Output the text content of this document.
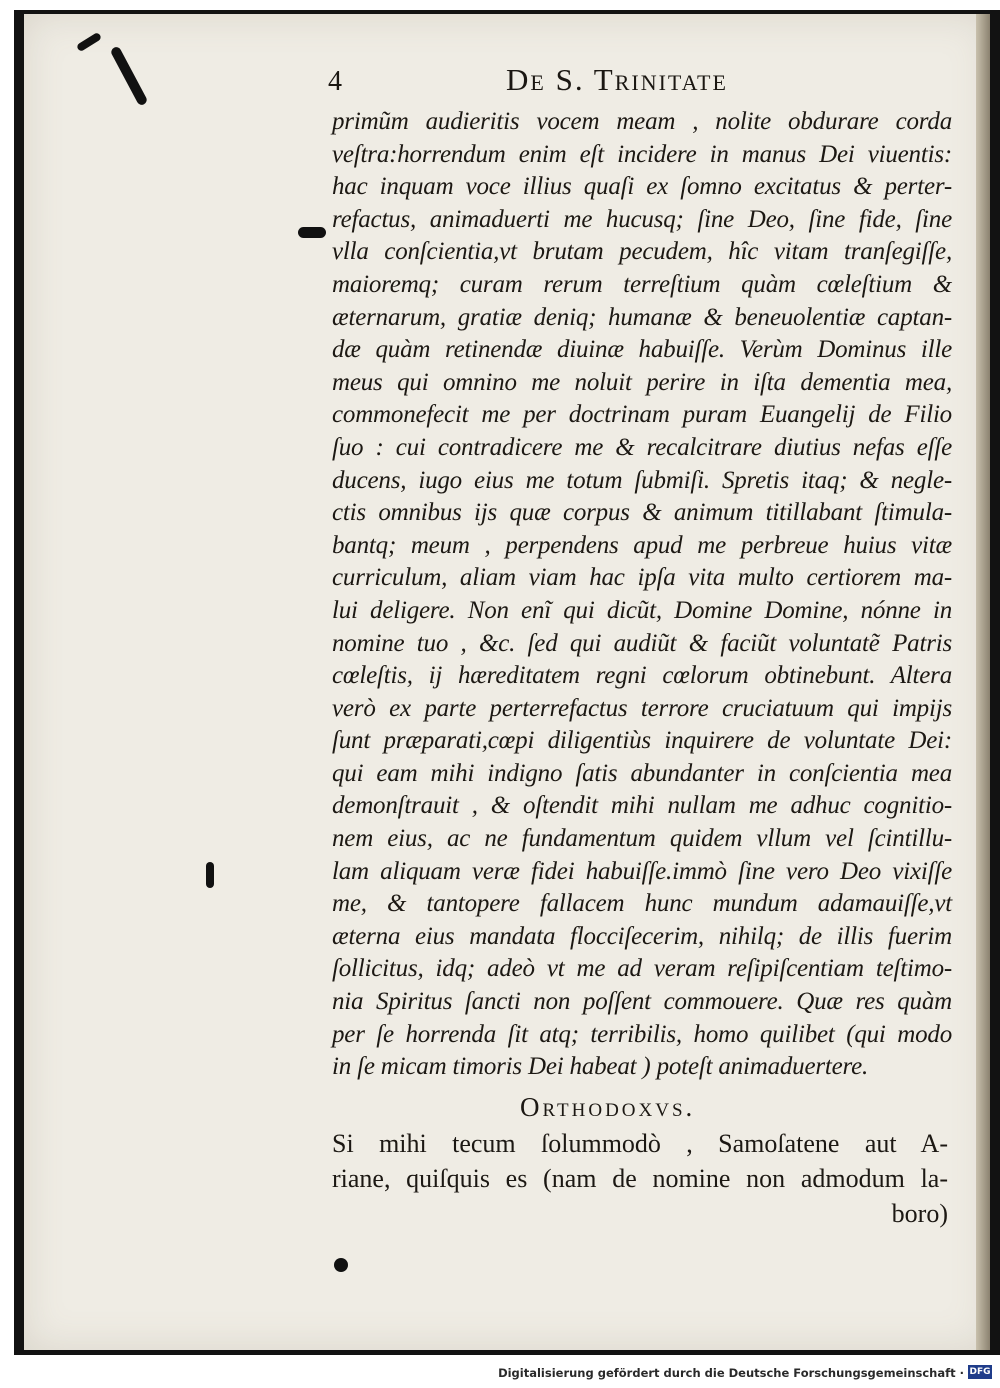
4	De S. Trinitate
primũm audieritis vocem meam , nolite obdurare corda
veſtra:horrendum enim eſt incidere in manus Dei viuentis:
hac inquam voce illius quaſi ex ſomno excitatus & perter-
refactus, animaduerti me hucusq; ſine Deo, ſine fide, ſine
vlla conſcientia,vt brutam pecudem, hîc vitam tranſegiſſe,
maioremq; curam rerum terreſtium quàm cœleſtium &
æternarum, gratiæ deniq; humanæ & beneuolentiæ captan-
dæ quàm retinendæ diuinæ habuiſſe. Verùm Dominus ille
meus qui omnino me noluit perire in iſta dementia mea,
commonefecit me per doctrinam puram Euangelij de Filio
ſuo : cui contradicere me & recalcitrare diutius nefas eſſe
ducens, iugo eius me totum ſubmiſi. Spretis itaq; & negle-
ctis omnibus ijs quæ corpus & animum titillabant ſtimula-
bantq; meum , perpendens apud me perbreue huius vitæ
curriculum, aliam viam hac ipſa vita multo certiorem ma-
lui deligere. Non enĩ qui dicũt, Domine Domine, nónne in
nomine tuo , &c. ſed qui audiũt & faciũt voluntatẽ Patris
cœleſtis, ij hæreditatem regni cœlorum obtinebunt. Altera
verò ex parte perterrefactus terrore cruciatuum qui impijs
ſunt præparati,cœpi diligentiùs inquirere de voluntate Dei:
qui eam mihi indigno ſatis abundanter in conſcientia mea
demonſtrauit , & oſtendit mihi nullam me adhuc cognitio-
nem eius, ac ne fundamentum quidem vllum vel ſcintillu-
lam aliquam veræ fidei habuiſſe.immò ſine vero Deo vixiſſe
me, & tantopere fallacem hunc mundum adamauiſſe,vt
æterna eius mandata flocciſecerim, nihilq; de illis fuerim
ſollicitus, idq; adeò vt me ad veram reſipiſcentiam teſtimo-
nia Spiritus ſancti non poſſent commouere. Quæ res quàm
per ſe horrenda ſit atq; terribilis, homo quilibet (qui modo
in ſe micam timoris Dei habeat ) poteſt animaduertere.
Orthodoxvs.
Si mihi tecum ſolummodò , Samoſatene aut A-
riane, quiſquis es (nam de nomine non admodum la-
boro)
Digitalisierung gefördert durch die Deutsche Forschungsgemeinschaft · DFG
